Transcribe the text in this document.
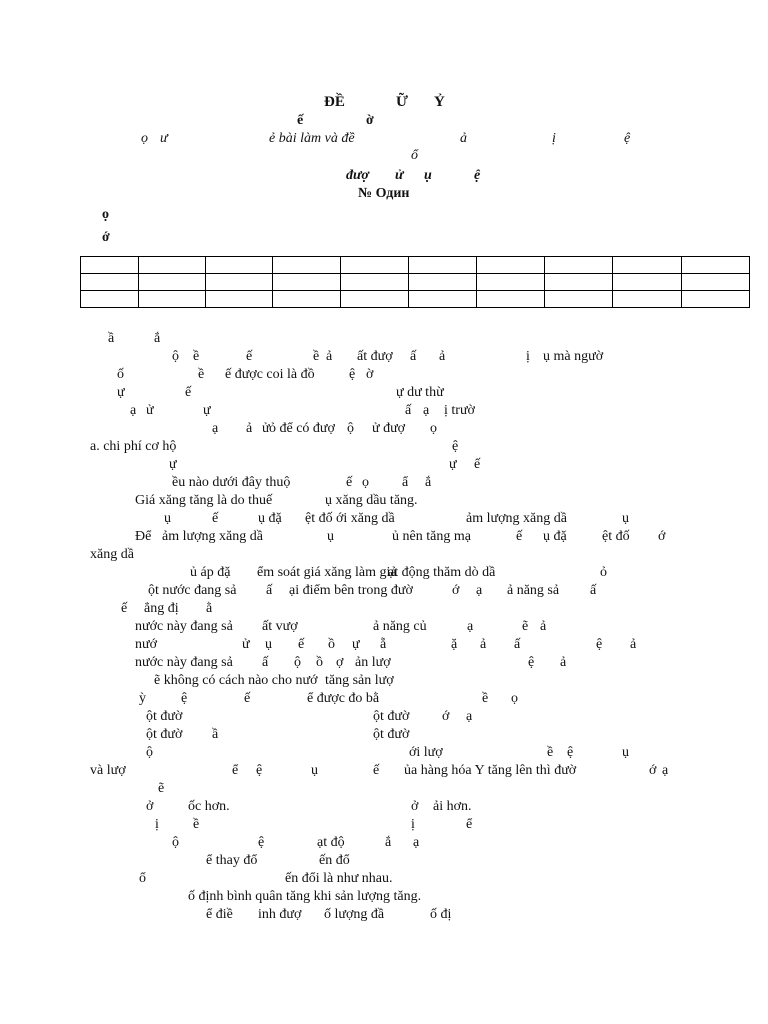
ĐỀ	Ữ Ỷ
ế	ờ
ọ ư	ẻ bài làm và đề	ả	ị	ệ
ổ
đượ ử ụ	ệ
№ Один
ọ
ớ

ầ	ắ
ộ ề	ế	ề ả ất đượ ấ ả	ị ụ mà ngườ
ố	ề ế được coi là đồ ệ ờ
ự	ế	ự dư thừ
ạ ử	ự	ấ ạ ị trườ
ạ ả ử ỏ để có đượ ộ ử đượ ọ
a. chi phí cơ hộ	ệ
ự	ự ế
ều nào dưới đây thuộ	ế ọ ẩ ắ
Giá xăng tăng là do thuế	ụ xăng dầu tăng.
ụ	ế	ụ đặ ệt đố ới xăng dầ	ảm lượng xăng dầ	ụ
Để ảm lượng xăng dầ	ụ	ủ nên tăng mạ	ế ụ đặ	ệt đố ớ
xăng dầ
ủ áp đặ ểm soát giá xăng làm giả
ạt động thăm dò dầ	ỏ
ột nước đang sả ấ ại điểm bên trong đườ	ớ ạ ả năng sả ấ
ế ẳng đị ằ
nước này đang sả ất vượ	ả năng củ	ạ	ẽ ả
nướ	ử ụ ế ồ ự ẵ	ặ ả ấ	ệ ả
nước này đang sả ấ ộ ồ ợ ản lượ	ệ ả
ẽ không có cách nào cho nướ tăng sản lượ
ỳ	ệ	ế	ể được đo bằ	ề ọ
ột đườ	ột đườ ớ ạ
ột đườ ầ	ột đườ
ộ	ới lượ	ề ệ	ụ
và lượ	ể ệ	ụ	ế ủa hàng hóa Y tăng lên thì đườ	ớ ạ
ẽ
ở ốc hơn.	ở ải hơn.
ị ề	ị	ể
ộ	ệ	ạt độ	ắ ạ
ể thay đổ	ến đổ
ổ	ến đổi là như nhau.
ố định bình quân tăng khi sản lượng tăng.
ể điề inh đượ ố lượng đầ	ố đị
